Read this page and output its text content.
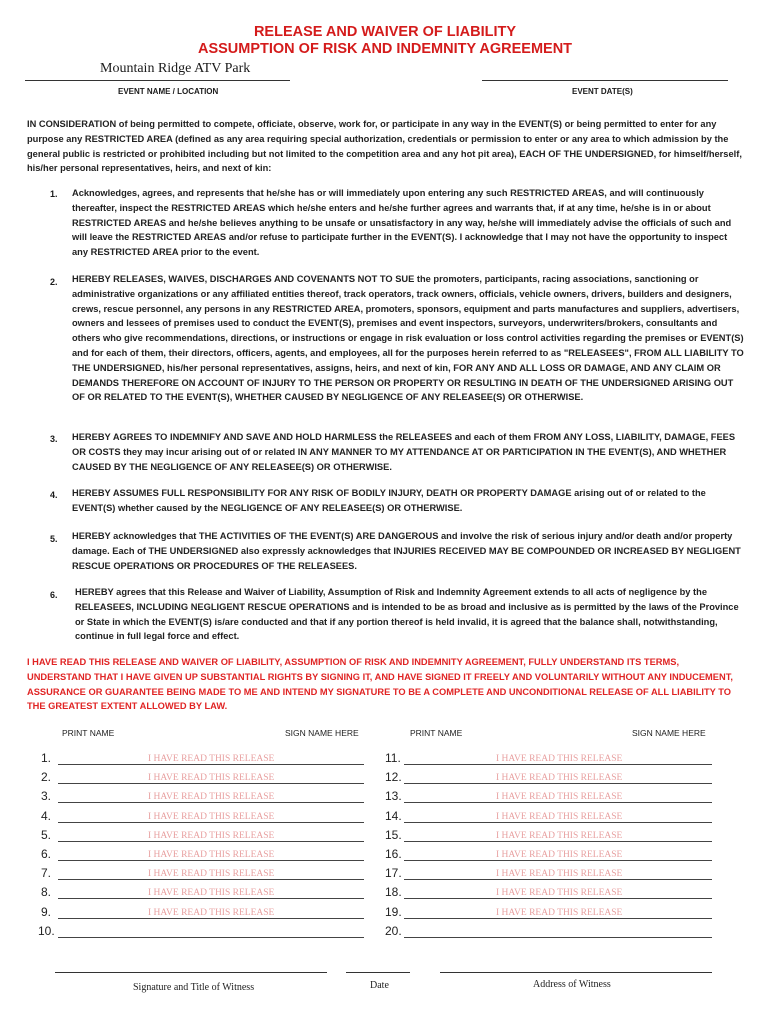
RELEASE AND WAIVER OF LIABILITY
ASSUMPTION OF RISK AND INDEMNITY AGREEMENT
Mountain Ridge ATV Park
EVENT NAME / LOCATION	EVENT DATE(S)
IN CONSIDERATION of being permitted to compete, officiate, observe, work for, or participate in any way in the EVENT(S) or being permitted to enter for any purpose any RESTRICTED AREA (defined as any area requiring special authorization, credentials or permission to enter or any area to which admission by the general public is restricted or prohibited including but not limited to the competition area and any hot pit area), EACH OF THE UNDERSIGNED, for himself/herself, his/her personal representatives, heirs, and next of kin:
1. Acknowledges, agrees, and represents that he/she has or will immediately upon entering any such RESTRICTED AREAS, and will continuously thereafter, inspect the RESTRICTED AREAS which he/she enters and he/she further agrees and warrants that, if at any time, he/she is in or about RESTRICTED AREAS and he/she believes anything to be unsafe or unsatisfactory in any way, he/she will immediately advise the officials of such and will leave the RESTRICTED AREAS and/or refuse to participate further in the EVENT(S). I acknowledge that I may not have the opportunity to inspect any RESTRICTED AREA prior to the event.
2. HEREBY RELEASES, WAIVES, DISCHARGES AND COVENANTS NOT TO SUE the promoters, participants, racing associations, sanctioning or administrative organizations or any affiliated entities thereof, track operators, track owners, officials, vehicle owners, drivers, builders and designers, crews, rescue personnel, any persons in any RESTRICTED AREA, promoters, sponsors, equipment and parts manufactures and suppliers, advertisers, owners and lessees of premises used to conduct the EVENT(S), premises and event inspectors, surveyors, underwriters/brokers, consultants and others who give recommendations, directions, or instructions or engage in risk evaluation or loss control activities regarding the premises or EVENT(S) and for each of them, their directors, officers, agents, and employees, all for the purposes herein referred to as "RELEASEES", FROM ALL LIABILITY TO THE UNDERSIGNED, his/her personal representatives, assigns, heirs, and next of kin, FOR ANY AND ALL LOSS OR DAMAGE, AND ANY CLAIM OR DEMANDS THEREFORE ON ACCOUNT OF INJURY TO THE PERSON OR PROPERTY OR RESULTING IN DEATH OF THE UNDERSIGNED ARISING OUT OF OR RELATED TO THE EVENT(S), WHETHER CAUSED BY NEGLIGENCE OF ANY RELEASEE(S) OR OTHERWISE.
3. HEREBY AGREES TO INDEMNIFY AND SAVE AND HOLD HARMLESS the RELEASEES and each of them FROM ANY LOSS, LIABILITY, DAMAGE, FEES OR COSTS they may incur arising out of or related IN ANY MANNER TO MY ATTENDANCE AT OR PARTICIPATION IN THE EVENT(S), AND WHETHER CAUSED BY THE NEGLIGENCE OF ANY RELEASEE(S) OR OTHERWISE.
4. HEREBY ASSUMES FULL RESPONSIBILITY FOR ANY RISK OF BODILY INJURY, DEATH OR PROPERTY DAMAGE arising out of or related to the EVENT(S) whether caused by the NEGLIGENCE OF ANY RELEASEE(S) OR OTHERWISE.
5. HEREBY acknowledges that THE ACTIVITIES OF THE EVENT(S) ARE DANGEROUS and involve the risk of serious injury and/or death and/or property damage. Each of THE UNDERSIGNED also expressly acknowledges that INJURIES RECEIVED MAY BE COMPOUNDED OR INCREASED BY NEGLIGENT RESCUE OPERATIONS OR PROCEDURES OF THE RELEASEES.
6. HEREBY agrees that this Release and Waiver of Liability, Assumption of Risk and Indemnity Agreement extends to all acts of negligence by the RELEASEES, INCLUDING NEGLIGENT RESCUE OPERATIONS and is intended to be as broad and inclusive as is permitted by the laws of the Province or State in which the EVENT(S) is/are conducted and that if any portion thereof is held invalid, it is agreed that the balance shall, notwithstanding, continue in full legal force and effect.
I HAVE READ THIS RELEASE AND WAIVER OF LIABILITY, ASSUMPTION OF RISK AND INDEMNITY AGREEMENT, FULLY UNDERSTAND ITS TERMS, UNDERSTAND THAT I HAVE GIVEN UP SUBSTANTIAL RIGHTS BY SIGNING IT, AND HAVE SIGNED IT FREELY AND VOLUNTARILY WITHOUT ANY INDUCEMENT, ASSURANCE OR GUARANTEE BEING MADE TO ME AND INTEND MY SIGNATURE TO BE A COMPLETE AND UNCONDITIONAL RELEASE OF ALL LIABILITY TO THE GREATEST EXTENT ALLOWED BY LAW.
PRINT NAME	SIGN NAME HERE	PRINT NAME	SIGN NAME HERE
1.	I HAVE READ THIS RELEASE
2.	I HAVE READ THIS RELEASE
3.	I HAVE READ THIS RELEASE
4.	I HAVE READ THIS RELEASE
5.	I HAVE READ THIS RELEASE
6.	I HAVE READ THIS RELEASE
7.	I HAVE READ THIS RELEASE
8.	I HAVE READ THIS RELEASE
9.	I HAVE READ THIS RELEASE
10.
11.	I HAVE READ THIS RELEASE
12.	I HAVE READ THIS RELEASE
13.	I HAVE READ THIS RELEASE
14.	I HAVE READ THIS RELEASE
15.	I HAVE READ THIS RELEASE
16.	I HAVE READ THIS RELEASE
17.	I HAVE READ THIS RELEASE
18.	I HAVE READ THIS RELEASE
19.	I HAVE READ THIS RELEASE
20.
Signature and Title of Witness	Date	Address of Witness
